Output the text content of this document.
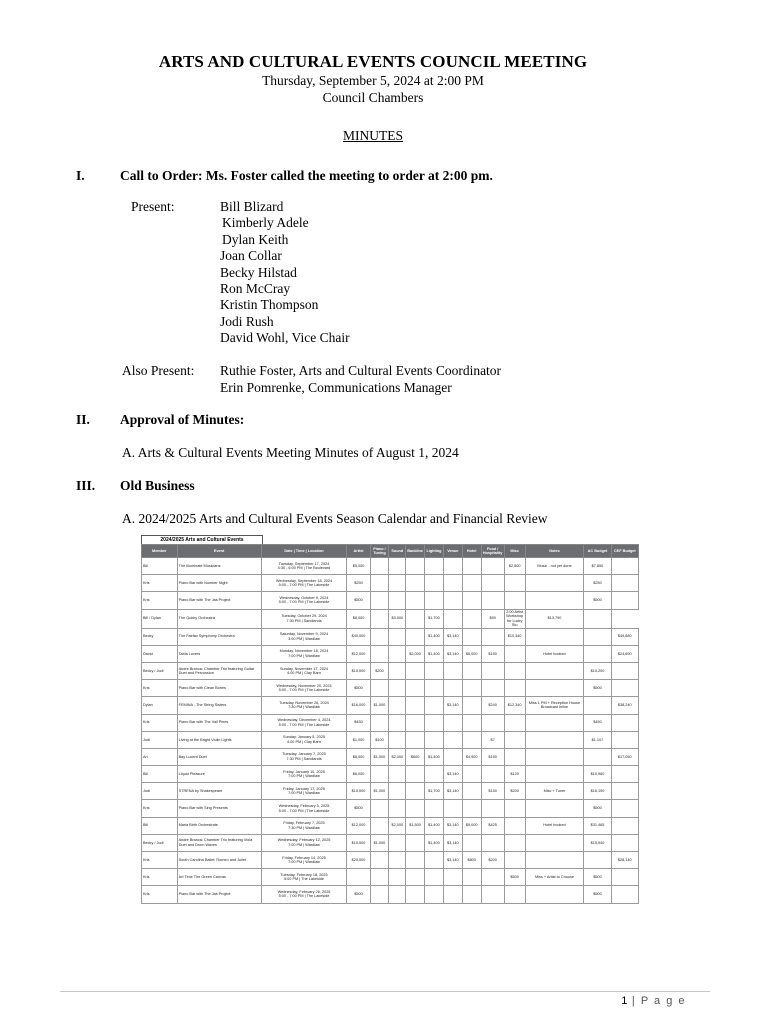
ARTS AND CULTURAL EVENTS COUNCIL MEETING
Thursday, September 5, 2024 at 2:00 PM
Council Chambers
MINUTES
I.	Call to Order: Ms. Foster called the meeting to order at 2:00 pm.
Present:	Bill Blizard
Kimberly Adele
Dylan Keith
Joan Collar
Becky Hilstad
Ron McCray
Kristin Thompson
Jodi Rush
David Wohl, Vice Chair
Also Present: Ruthie Foster, Arts and Cultural Events Coordinator
Erin Pomrenke, Communications Manager
II. Approval of Minutes:
A. Arts & Cultural Events Meeting Minutes of August 1, 2024
III. Old Business
A. 2024/2025 Arts and Cultural Events Season Calendar and Financial Review
2024/2025 Arts and Cultural Events
Member	Event	Date | Time | Location	Artist	Piano / Tuning	Sound	Backline	Lighting	Venue	Hotel	Food / Hospitality	Misc	Notes	AC Budget	CEF Budget
Bill	The Illuminate Musicians	Tuesday, September 17, 2024
4:30 - 6:00 PM | The Boulevard	$5,000								$2,500	Music - not yet done	$7,850	
Kris	Piano Bar with Number Night	Wednesday, September 18, 2024
5:00 - 7:00 PM | The Lakeside	$250										$250	
Kris	Piano Bar with The Jas Project	Wednesday, October 9, 2024
5:00 - 7:00 PM | The Lakeside	$500										$500	
Bill / Dylan	The Quirky Orchestra	Tuesday, October 29, 2024
7:30 PM | Sandlands	$8,000		$3,000		$1,700			$90	2:00 Artist Workshop for Lucky Stu	$13,790		
Becky	The Fairfax Symphony Orchestra	Saturday, November 9, 2024
3:00 PM | Wardlaw	$40,000				$1,400	$3,140			$10,340			$49,880
David	Tabla Lovers	Monday, November 18, 2024
7:00 PM | Wardlaw	$12,000			$2,000	$1,400	$3,140	$6,000	$150		Hotel booked		$24,690
Becky / Jodi	Andre Branca: Chamber Trio featuring Guitar Duet and Percussion	Sunday, November 17, 2024
4:00 PM | Clay Barn	$10,000	$200									$10,200	
Kris	Piano Bar with Clean Bones	Wednesday, November 20, 2024
5:00 - 7:00 PM | The Lakeside	$500										$500	
Dylan	FEMINA - The String Sisters	Tuesday, November 26, 2024
7:30 PM | Wardlaw	$16,000	$1,000				$3,140		$240	$12,340	Miss 1 PM + Reception House Broadcast Inline		$38,240
Kris	Piano Bar with The Vail Pines	Wednesday, December 4, 2024
5:00 - 7:00 PM | The Lakeside	$450										$450	
Jodi	Living at the Bright Violin Lights	Sunday, January 5, 2025
4:00 PM | Clay Barn	$1,000	$100						$7			$1,107	
Ari	Bay Lucent Duet	Tuesday, January 7, 2025
7:30 PM | Sandlands	$8,000	$1,000	$2,000	$600	$1,400		$4,900	$150				$17,050
Bill	Liquid Pleasure	Friday, January 10, 2025
7:00 PM | Wardlaw	$6,000					$3,140			$120		$10,960	
Jodi	STRENA by Shakespeare	Friday, January 17, 2025
7:00 PM | Wardlaw	$10,000	$1,000			$1,700	$3,140		$150	$200	Misc + Tuner	$16,190	
Kris	Piano Bar with Sing Presents	Wednesday, February 5, 2025
5:00 - 7:00 PM | The Lakeside	$500										$500	
Bill	Maria Birth Orchestrate	Friday, February 7, 2025
7:30 PM | Wardlaw	$12,000		$2,000	$1,500	$1,400	$3,140	$9,000	$425		Hotel booked	$31,465	
Becky / Jodi	Andre Branca: Chamber Trio featuring Viola Duet and Drum Waves	Wednesday, February 12, 2025
7:00 PM | Wardlaw	$10,000	$1,000			$1,400	$3,140					$15,540	
Kris	South Carolina Ballet: Romeo and Juliet	Friday, February 14, 2025
7:00 PM | Wardlaw	$20,000					$3,140	$800	$200				$28,140
Kris	Art Time The Green Canvas	Tuesday, February 18, 2025
5:00 PM | The Lakeside									$500	Miss + Artist to Choose	$500	
Kris	Piano Bar with The Jas Project	Wednesday, February 26, 2025
5:00 - 7:00 PM | The Lakeside	$500										$500	
1 | P a g e
